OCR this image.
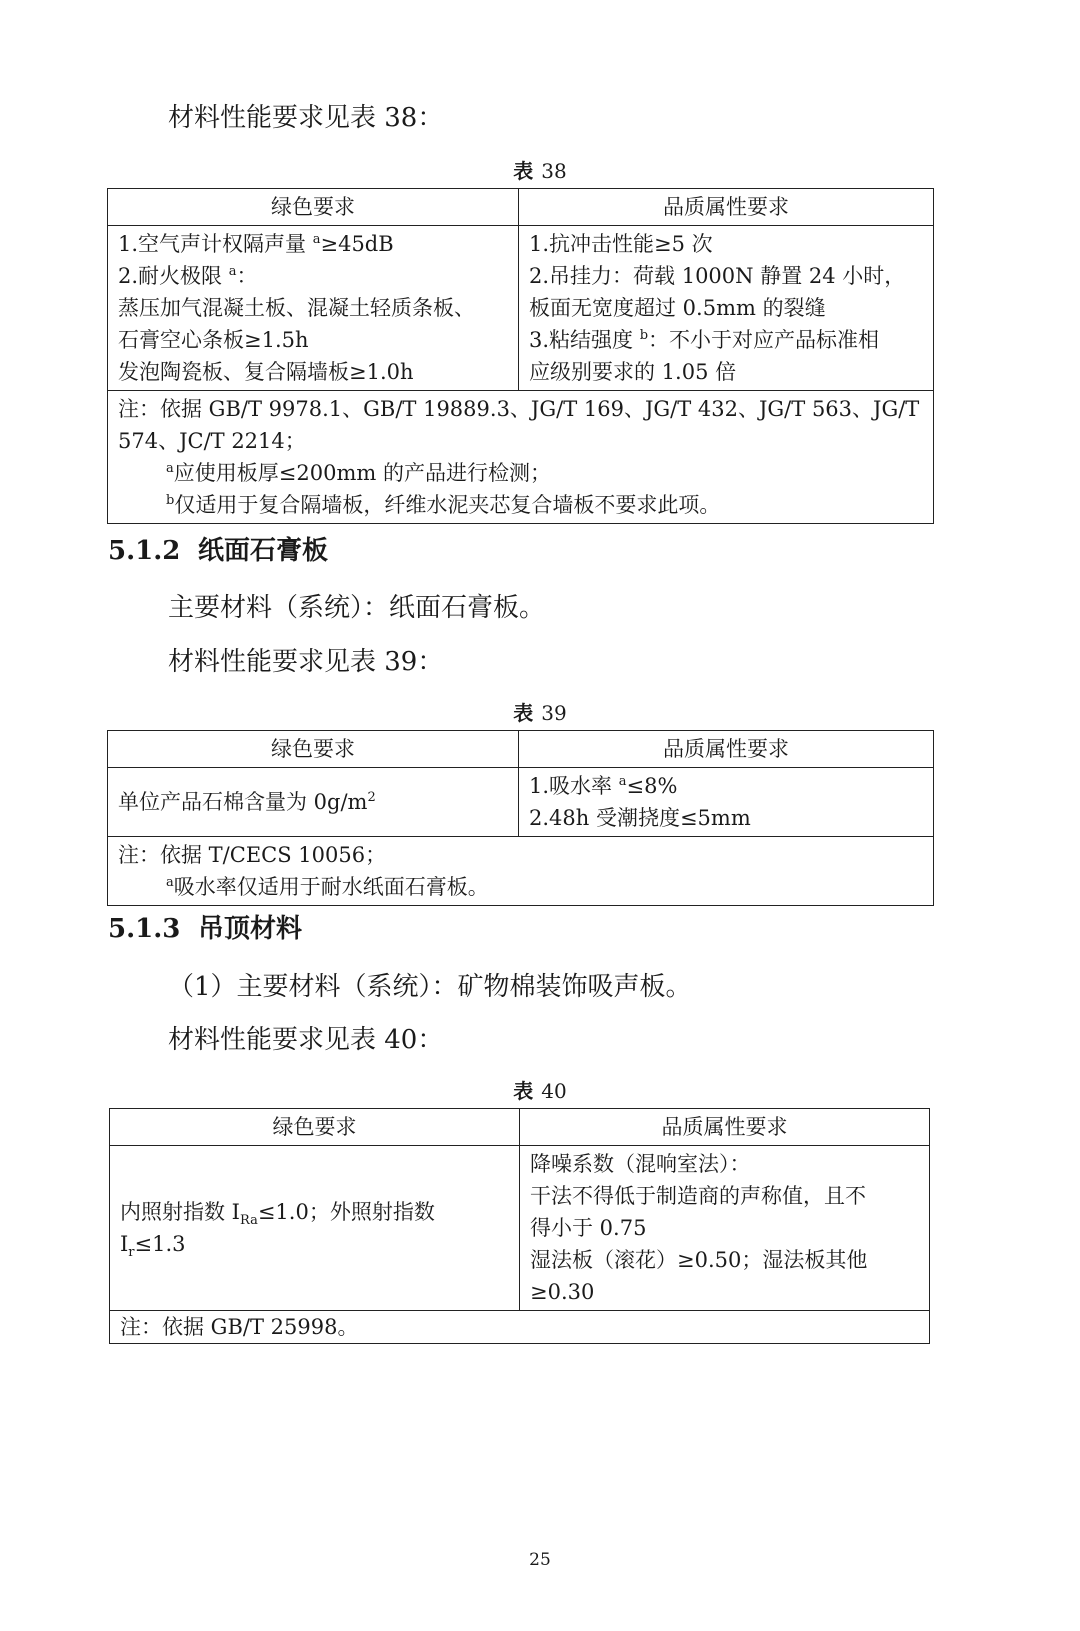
材料性能要求见表 38：
表 38
绿色要求	品质属性要求

1.空气声计权隔声量 $^a$≥45dB
2.耐火极限 $^a$：
蒸压加气混凝土板、混凝土轻质条板、
石膏空心条板≥1.5h
发泡陶瓷板、复合隔墙板≥1.0h	1.抗冲击性能≥5 次
2.吊挂力：荷载 1000N 静置 24 小时，
板面无宽度超过 0.5mm 的裂缝
3.粘结强度 $^b$：不小于对应产品标准相
应级别要求的 1.05 倍

注：依据 GB/T 9978.1、GB/T 19889.3、JG/T 169、JG/T 432、JG/T 563、JG/T
574、JC/T 2214；
$^a$应使用板厚≤200mm 的产品进行检测；
$^b$仅适用于复合隔墙板，纤维水泥夹芯复合墙板不要求此项。	
5.1.2 纸面石膏板
主要材料（系统）：纸面石膏板。
材料性能要求见表 39：
表 39
绿色要求	品质属性要求
单位产品石棉含量为 $0g/m^2$	1.吸水率 $^a$≤8%
2.48h 受潮挠度≤5mm

注：依据 T/CECS 10056；
$^a$吸水率仅适用于耐水纸面石膏板。	
5.1.3 吊顶材料
（1）主要材料（系统）：矿物棉装饰吸声板。
材料性能要求见表 40：
表 40
绿色要求	品质属性要求

内照射指数 $I_{Ra}\le 1.0$；外照射指数
$I_r\le 1.3$	降噪系数（混响室法）：
干法不得低于制造商的声称值，且不
得小于 0.75
湿法板（滚花）≥0.50；湿法板其他
≥0.30

注：依据 GB/T 25998。	
25
